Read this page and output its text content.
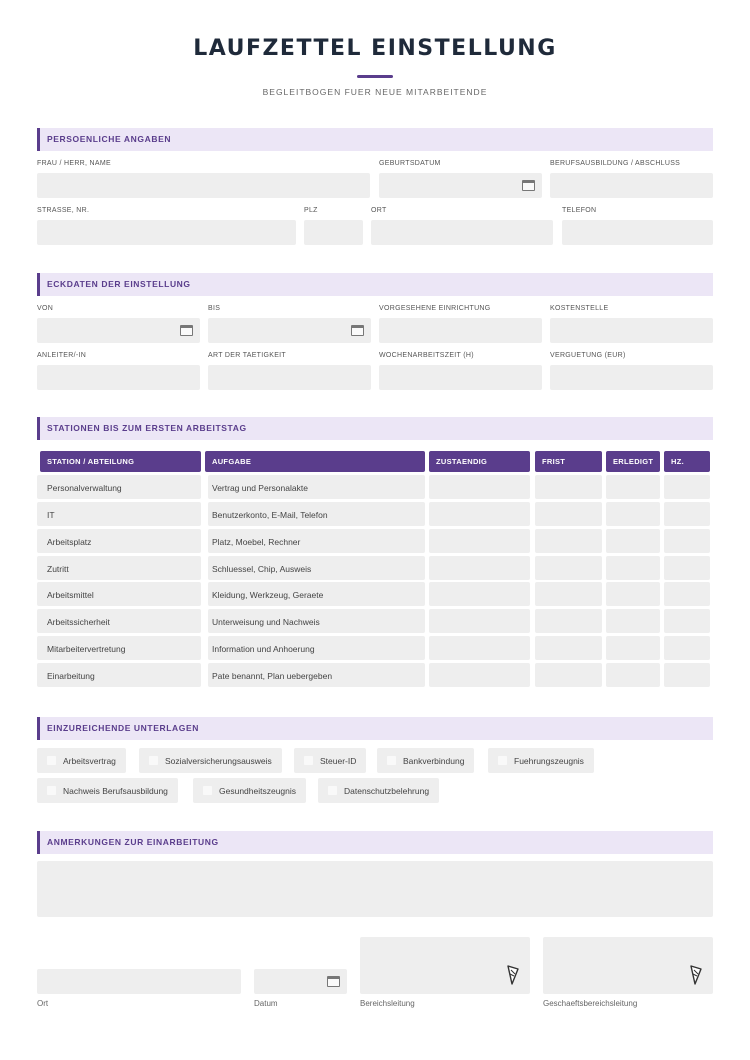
LAUFZETTEL EINSTELLUNG
BEGLEITBOGEN FUER NEUE MITARBEITENDE
PERSOENLICHE ANGABEN
FRAU / HERR, NAME	GEBURTSDATUM	BERUFSAUSBILDUNG / ABSCHLUSS
STRASSE, NR.	PLZ	ORT	TELEFON
ECKDATEN DER EINSTELLUNG
VON	BIS	VORGESEHENE EINRICHTUNG	KOSTENSTELLE
ANLEITER/-IN	ART DER TAETIGKEIT	WOCHENARBEITSZEIT (H)	VERGUETUNG (EUR)
STATIONEN BIS ZUM ERSTEN ARBEITSTAG
STATION / ABTEILUNG	AUFGABE	ZUSTAENDIG	FRIST	ERLEDIGT	HZ.
Personalverwaltung	Vertrag und Personalakte
IT	Benutzerkonto, E-Mail, Telefon
Arbeitsplatz	Platz, Moebel, Rechner
Zutritt	Schluessel, Chip, Ausweis
Arbeitsmittel	Kleidung, Werkzeug, Geraete
Arbeitssicherheit	Unterweisung und Nachweis
Mitarbeitervertretung	Information und Anhoerung
Einarbeitung	Pate benannt, Plan uebergeben
EINZUREICHENDE UNTERLAGEN
Arbeitsvertrag	Sozialversicherungsausweis	Steuer-ID	Bankverbindung	Fuehrungszeugnis
Nachweis Berufsausbildung	Gesundheitszeugnis	Datenschutzbelehrung
ANMERKUNGEN ZUR EINARBEITUNG
Ort	Datum	Bereichsleitung	Geschaeftsbereichsleitung
